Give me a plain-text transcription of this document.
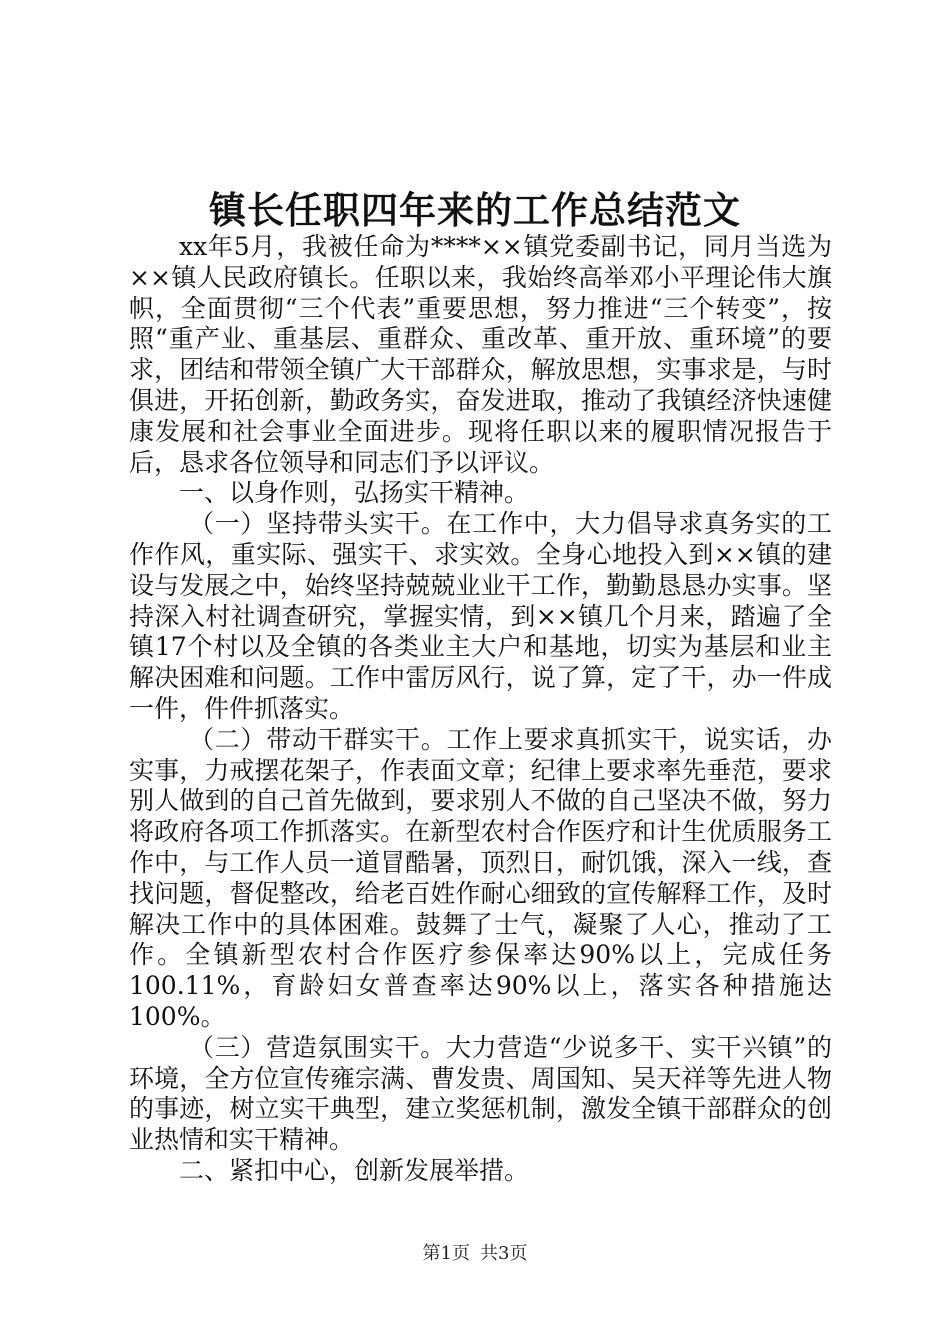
镇长任职四年来的工作总结范文

xx年5月，我被任命为****××镇党委副书记，同月当选为××镇人民政府镇长。任职以来，我始终高举邓小平理论伟大旗帜，全面贯彻“三个代表”重要思想，努力推进“三个转变”，按照“重产业、重基层、重群众、重改革、重开放、重环境”的要求，团结和带领全镇广大干部群众，解放思想，实事求是，与时俱进，开拓创新，勤政务实，奋发进取，推动了我镇经济快速健康发展和社会事业全面进步。现将任职以来的履职情况报告于后，恳求各位领导和同志们予以评议。

一、以身作则，弘扬实干精神。

（一）坚持带头实干。在工作中，大力倡导求真务实的工作作风，重实际、强实干、求实效。全身心地投入到××镇的建设与发展之中，始终坚持兢兢业业干工作，勤勤恳恳办实事。坚持深入村社调查研究，掌握实情，到××镇几个月来，踏遍了全镇17个村以及全镇的各类业主大户和基地，切实为基层和业主解决困难和问题。工作中雷厉风行，说了算，定了干，办一件成一件，件件抓落实。

（二）带动干群实干。工作上要求真抓实干，说实话，办实事，力戒摆花架子，作表面文章；纪律上要求率先垂范，要求别人做到的自己首先做到，要求别人不做的自己坚决不做，努力将政府各项工作抓落实。在新型农村合作医疗和计生优质服务工作中，与工作人员一道冒酷暑，顶烈日，耐饥饿，深入一线，查找问题，督促整改，给老百姓作耐心细致的宣传解释工作，及时解决工作中的具体困难。鼓舞了士气，凝聚了人心，推动了工作。全镇新型农村合作医疗参保率达90%以上，完成任务100.11%，育龄妇女普查率达90%以上，落实各种措施达100%。

（三）营造氛围实干。大力营造“少说多干、实干兴镇”的环境，全方位宣传雍宗满、曹发贵、周国知、吴天祥等先进人物的事迹，树立实干典型，建立奖惩机制，激发全镇干部群众的创业热情和实干精神。

二、紧扣中心，创新发展举措。

第1页 共3页
